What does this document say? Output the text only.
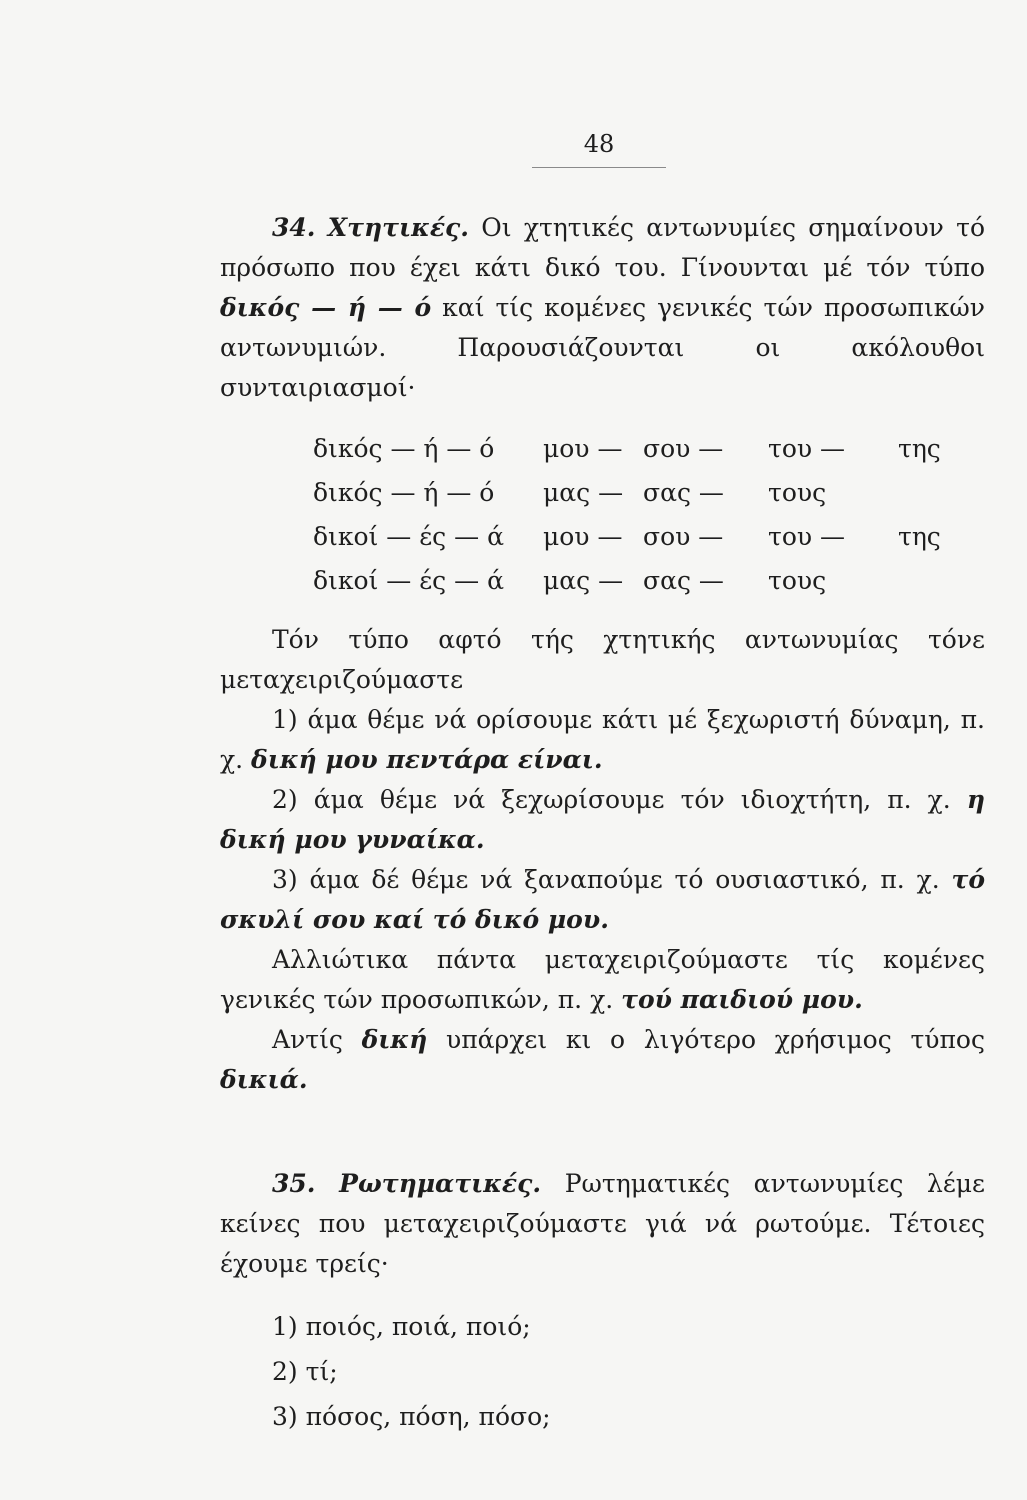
48

34. Χτητικές. Οι χτητικές αντωνυμίες σημαίνουν τό πρόσωπο που έχει κάτι δικό του. Γίνουνται μέ τόν τύπο δικός — ή — ό καί τίς κομένες γενικές τών προσωπικών αντωνυμιών. Παρουσιάζουνται οι ακόλουθοι συνταιριασμοί·

δικός — ή — ό	μου — σου —	του —	της
δικός — ή — ό	μας — σας —	τους
δικοί — ές — ά	μου — σου —	του —	της
δικοί — ές — ά	μας — σας —	τους

Τόν τύπο αφτό τής χτητικής αντωνυμίας τόνε μεταχειριζούμαστε

1) άμα θέμε νά ορίσουμε κάτι μέ ξεχωριστή δύναμη, π. χ. δική μου πεντάρα είναι.

2) άμα θέμε νά ξεχωρίσουμε τόν ιδιοχτήτη, π. χ. η δική μου γυναίκα.

3) άμα δέ θέμε νά ξαναπούμε τό ουσιαστικό, π. χ. τό σκυλί σου καί τό δικό μου.

Αλλιώτικα πάντα μεταχειριζούμαστε τίς κομένες γενικές τών προσωπικών, π. χ. τού παιδιού μου.

Αντίς δική υπάρχει κι ο λιγότερο χρήσιμος τύπος δικιά.

35. Ρωτηματικές. Ρωτηματικές αντωνυμίες λέμε κείνες που μεταχειριζούμαστε γιά νά ρωτούμε. Τέτοιες έχουμε τρείς·

1) ποιός, ποιά, ποιό;
2) τί;
3) πόσος, πόση, πόσο;
